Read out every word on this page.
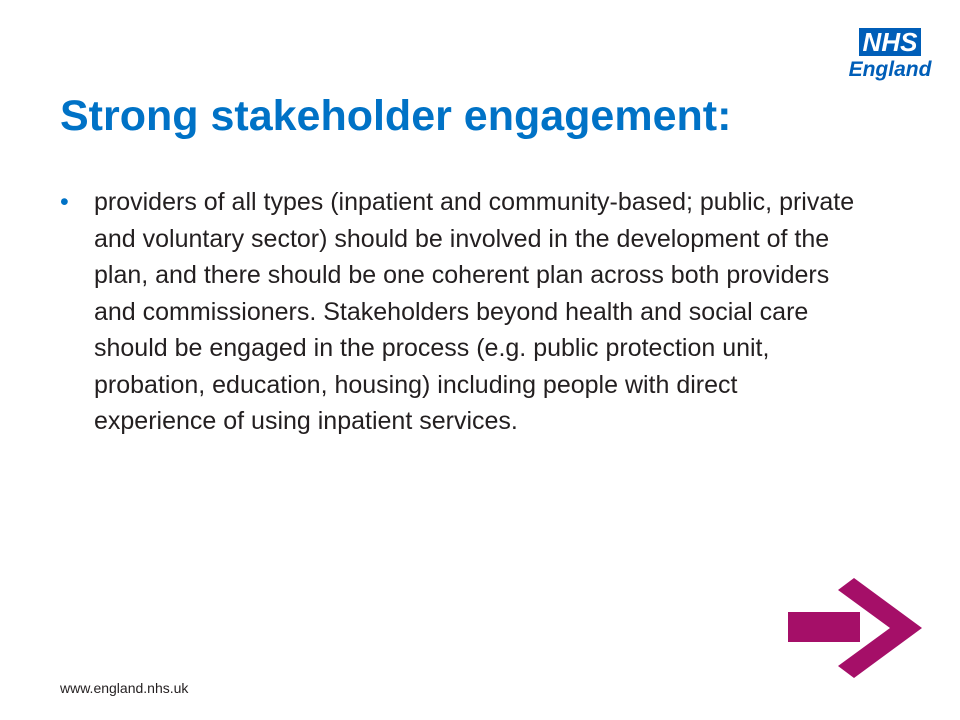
NHS
England
Strong stakeholder engagement:
• providers of all types (inpatient and community-based; public, private and voluntary sector) should be involved in the development of the plan, and there should be one coherent plan across both providers and commissioners. Stakeholders beyond health and social care should be engaged in the process (e.g. public protection unit, probation, education, housing) including people with direct experience of using inpatient services.
www.england.nhs.uk
